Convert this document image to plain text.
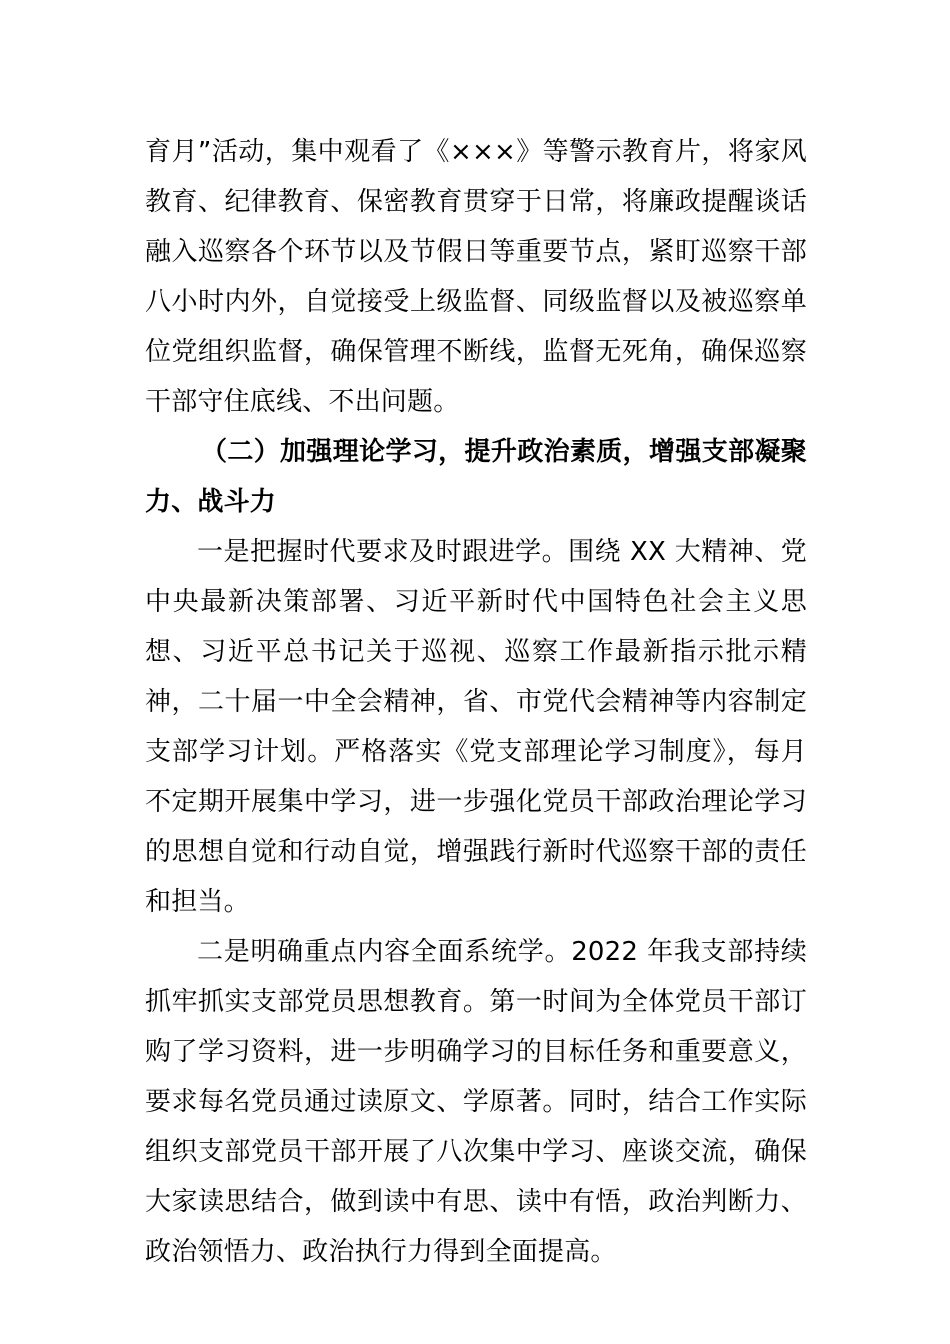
育月”活动，集中观看了《×××》等警示教育片，将家风教育、纪律教育、保密教育贯穿于日常，将廉政提醒谈话融入巡察各个环节以及节假日等重要节点，紧盯巡察干部八小时内外，自觉接受上级监督、同级监督以及被巡察单位党组织监督，确保管理不断线，监督无死角，确保巡察干部守住底线、不出问题。

（二）加强理论学习，提升政治素质，增强支部凝聚力、战斗力

一是把握时代要求及时跟进学。围绕 XX 大精神、党中央最新决策部署、习近平新时代中国特色社会主义思想、习近平总书记关于巡视、巡察工作最新指示批示精神，二十届一中全会精神，省、市党代会精神等内容制定支部学习计划。严格落实《党支部理论学习制度》，每月不定期开展集中学习，进一步强化党员干部政治理论学习的思想自觉和行动自觉，增强践行新时代巡察干部的责任和担当。

二是明确重点内容全面系统学。2022 年我支部持续抓牢抓实支部党员思想教育。第一时间为全体党员干部订购了学习资料，进一步明确学习的目标任务和重要意义，要求每名党员通过读原文、学原著。同时，结合工作实际组织支部党员干部开展了八次集中学习、座谈交流，确保大家读思结合，做到读中有思、读中有悟，政治判断力、政治领悟力、政治执行力得到全面提高。
